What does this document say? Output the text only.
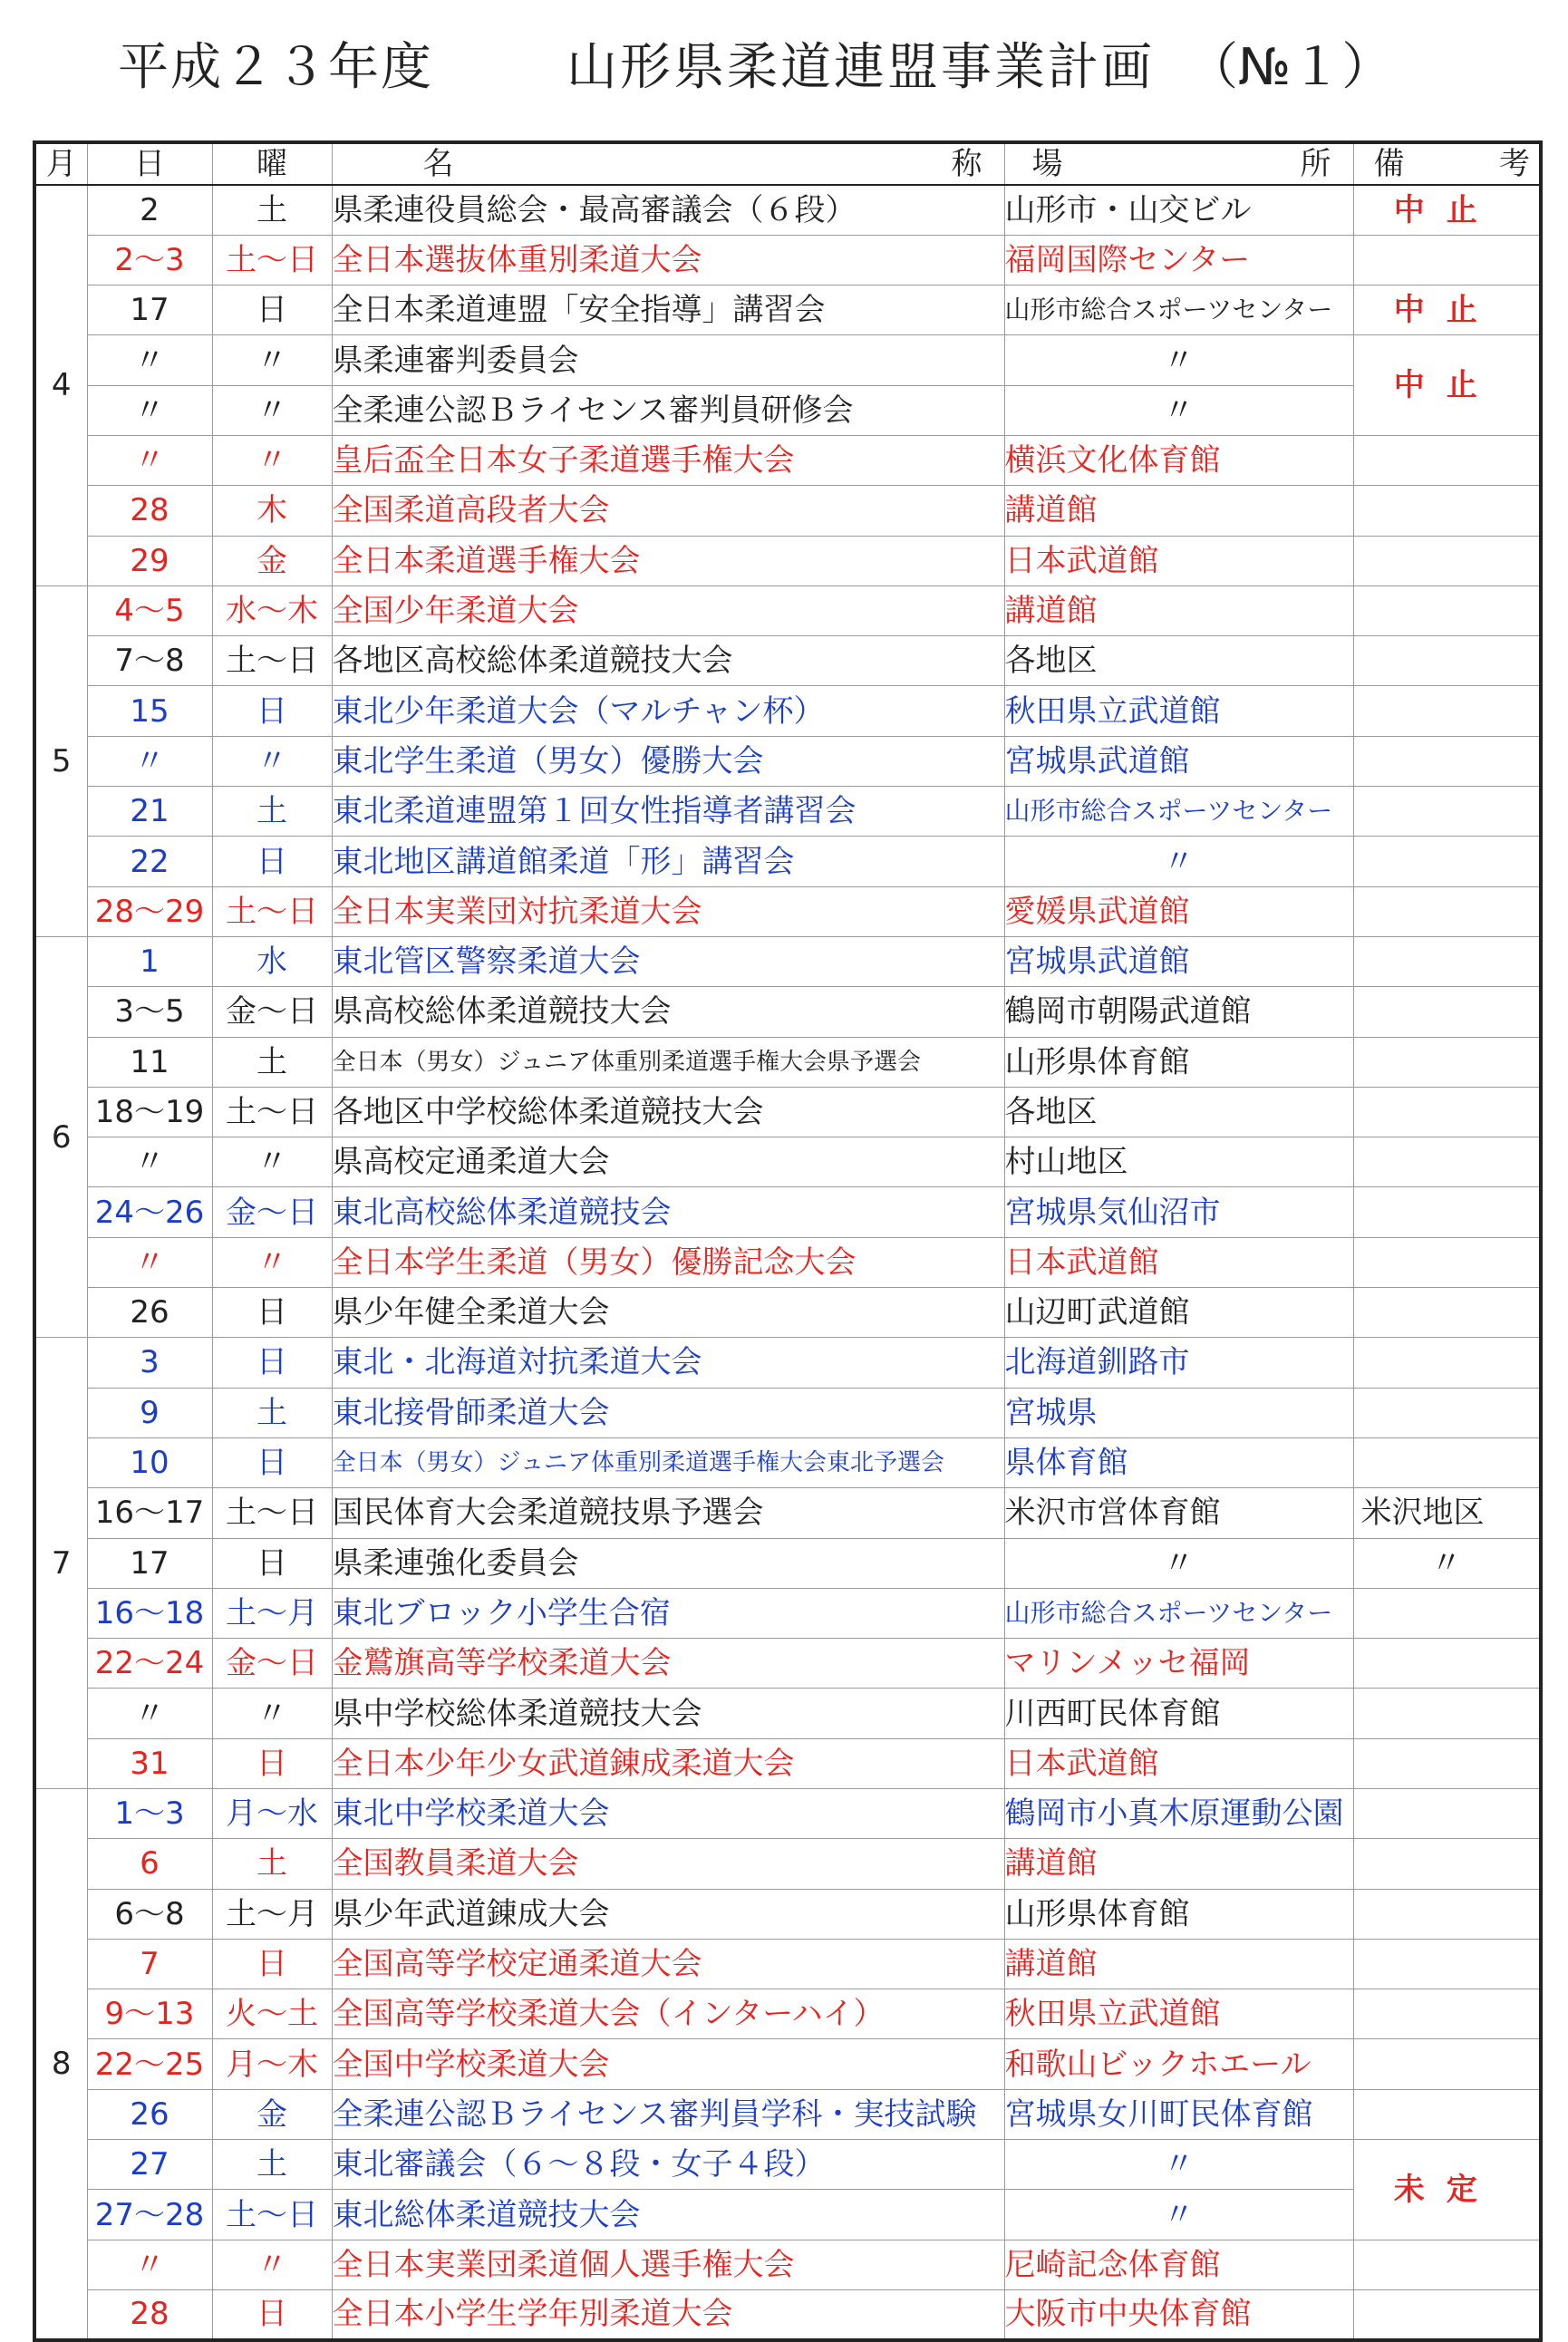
平成２３年度	山形県柔道連盟事業計画 （№１）
月	日	曜	名 称	場 所	備 考

4	2	土	県柔連役員総会・最高審議会（６段）	山形市・山交ビル	中止
	2〜3	土〜日	全日本選抜体重別柔道大会	福岡国際センター	
	17	日	全日本柔道連盟「安全指導」講習会	山形市総合スポーツセンター	中止
	〃	〃	県柔連審判委員会	〃	中止
	〃	〃	全柔連公認Ｂライセンス審判員研修会	〃	
	〃	〃	皇后盃全日本女子柔道選手権大会	横浜文化体育館	
	28	木	全国柔道高段者大会	講道館	
	29	金	全日本柔道選手権大会	日本武道館	
5	4〜5	水〜木	全国少年柔道大会	講道館	
	7〜8	土〜日	各地区高校総体柔道競技大会	各地区	
	15	日	東北少年柔道大会（マルチャン杯）	秋田県立武道館	
	〃	〃	東北学生柔道（男女）優勝大会	宮城県武道館	
	21	土	東北柔道連盟第１回女性指導者講習会	山形市総合スポーツセンター	
	22	日	東北地区講道館柔道「形」講習会	〃	
	28〜29	土〜日	全日本実業団対抗柔道大会	愛媛県武道館	
6	1	水	東北管区警察柔道大会	宮城県武道館	
	3〜5	金〜日	県高校総体柔道競技大会	鶴岡市朝陽武道館	
	11	土	全日本（男女）ジュニア体重別柔道選手権大会県予選会	山形県体育館	
	18〜19	土〜日	各地区中学校総体柔道競技大会	各地区	
	〃	〃	県高校定通柔道大会	村山地区	
	24〜26	金〜日	東北高校総体柔道競技会	宮城県気仙沼市	
	〃	〃	全日本学生柔道（男女）優勝記念大会	日本武道館	
	26	日	県少年健全柔道大会	山辺町武道館	
7	3	日	東北・北海道対抗柔道大会	北海道釧路市	
	9	土	東北接骨師柔道大会	宮城県	
	10	日	全日本（男女）ジュニア体重別柔道選手権大会東北予選会	県体育館	
	16〜17	土〜日	国民体育大会柔道競技県予選会	米沢市営体育館	米沢地区
	17	日	県柔連強化委員会	〃	〃
	16〜18	土〜月	東北ブロック小学生合宿	山形市総合スポーツセンター	
	22〜24	金〜日	金鷲旗高等学校柔道大会	マリンメッセ福岡	
	〃	〃	県中学校総体柔道競技大会	川西町民体育館	
	31	日	全日本少年少女武道錬成柔道大会	日本武道館	
8	1〜3	月〜水	東北中学校柔道大会	鶴岡市小真木原運動公園	
	6	土	全国教員柔道大会	講道館	
	6〜8	土〜月	県少年武道錬成大会	山形県体育館	
	7	日	全国高等学校定通柔道大会	講道館	
	9〜13	火〜土	全国高等学校柔道大会（インターハイ）	秋田県立武道館	
	22〜25	月〜木	全国中学校柔道大会	和歌山ビックホエール	
	26	金	全柔連公認Ｂライセンス審判員学科・実技試験	宮城県女川町民体育館	
	27	土	東北審議会（６〜８段・女子４段）	〃	未定
	27〜28	土〜日	東北総体柔道競技大会	〃	
	〃	〃	全日本実業団柔道個人選手権大会	尼崎記念体育館	
	28	日	全日本小学生学年別柔道大会	大阪市中央体育館	
